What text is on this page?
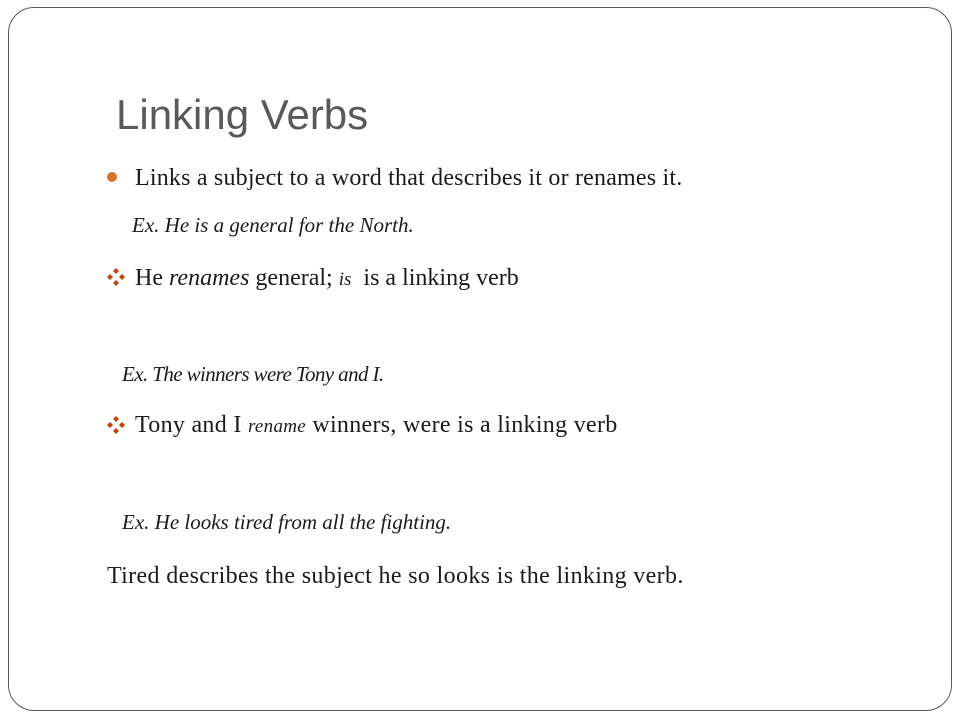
Linking Verbs
Links a subject to a word that describes it or renames it.
Ex. He is a general for the North.
He renames general; is  is a linking verb
Ex. The winners were Tony and I.
Tony and I rename winners, were is a linking verb
Ex. He looks tired from all the fighting.
Tired describes the subject he so looks is the linking verb.
